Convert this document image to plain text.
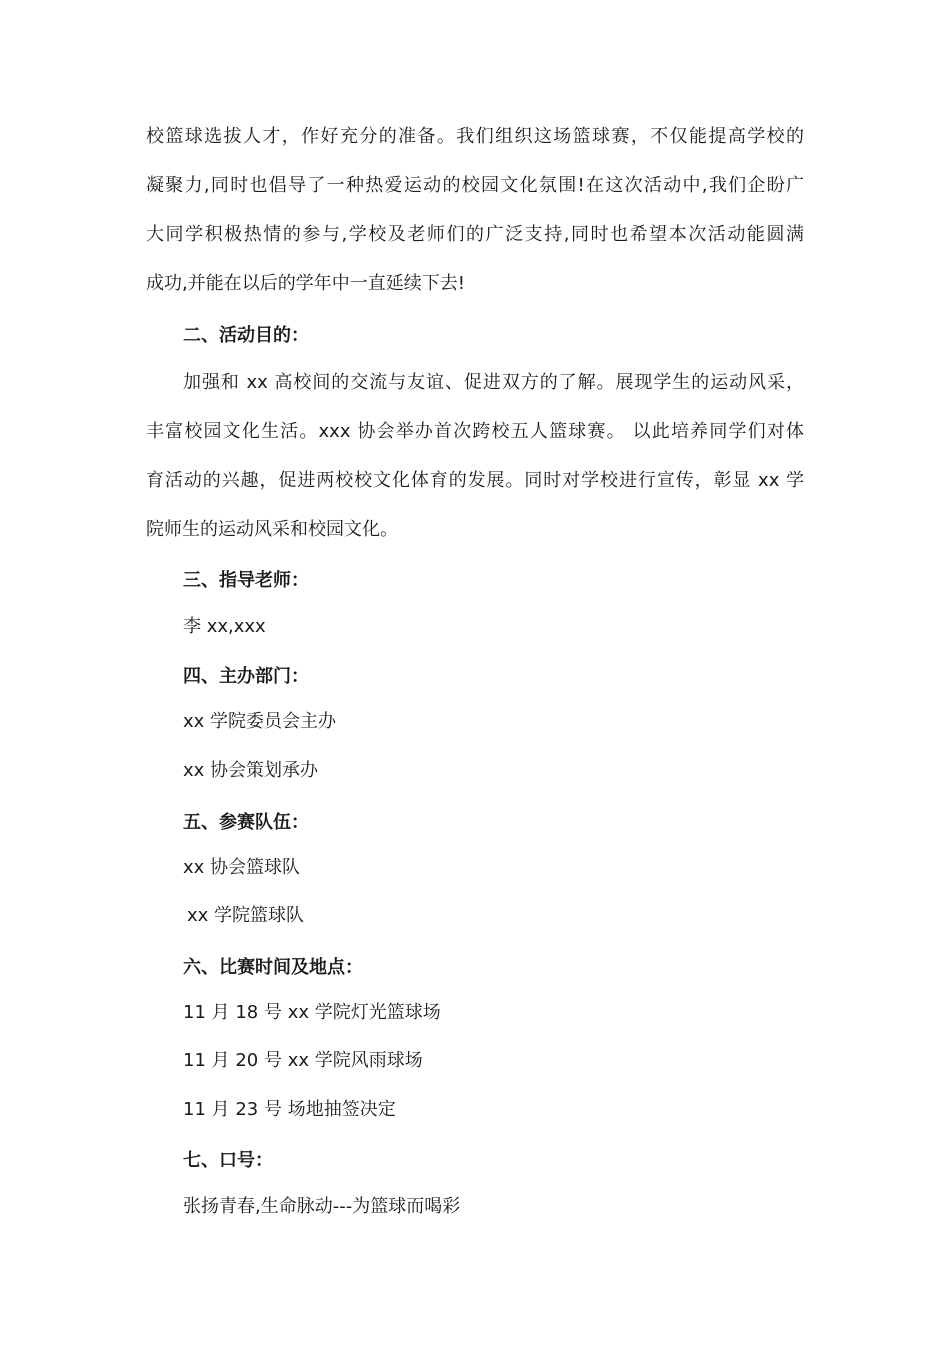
校篮球选拔人才，作好充分的准备。我们组织这场篮球赛，不仅能提高学校的
凝聚力,同时也倡导了一种热爱运动的校园文化氛围!在这次活动中,我们企盼广
大同学积极热情的参与,学校及老师们的广泛支持,同时也希望本次活动能圆满
成功,并能在以后的学年中一直延续下去!
二、活动目的：
加强和 xx 高校间的交流与友谊、促进双方的了解。展现学生的运动风采，
丰富校园文化生活。xxx 协会举办首次跨校五人篮球赛。 以此培养同学们对体
育活动的兴趣，促进两校校文化体育的发展。同时对学校进行宣传，彰显 xx 学
院师生的运动风采和校园文化。
三、指导老师：
李 xx,xxx
四、主办部门：
xx 学院委员会主办
xx 协会策划承办
五、参赛队伍：
xx 协会篮球队
xx 学院篮球队
六、比赛时间及地点：
11 月 18 号 xx 学院灯光篮球场
11 月 20 号 xx 学院风雨球场
11 月 23 号 场地抽签决定
七、口号：
张扬青春,生命脉动---为篮球而喝彩
